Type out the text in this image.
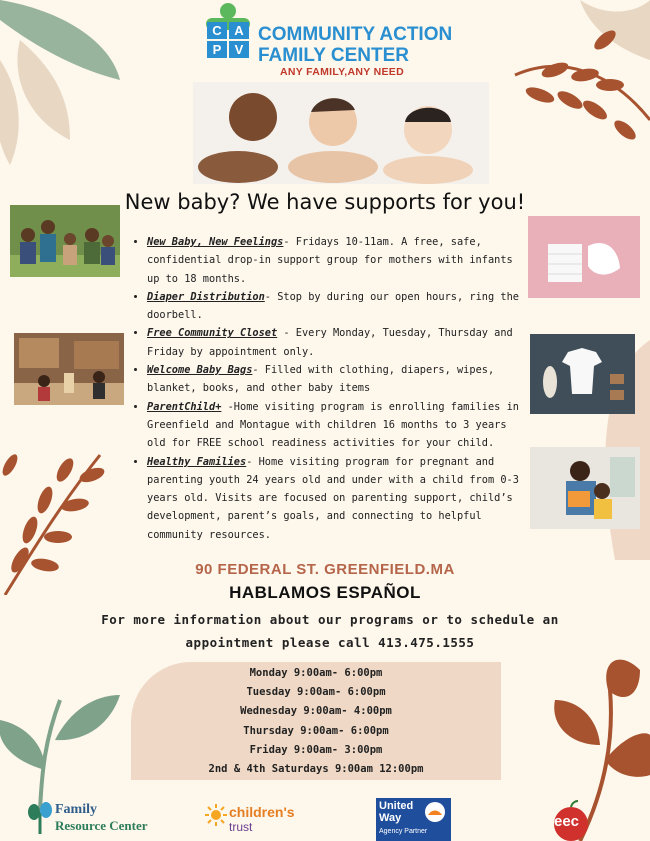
C A
P V
COMMUNITY ACTION
FAMILY CENTER
ANY FAMILY,ANY NEED
New baby? We have supports for you!
• New Baby, New Feelings- Fridays 10-11am. A free, safe, confidential drop-in support group for mothers with infants up to 18 months.
• Diaper Distribution- Stop by during our open hours, ring the doorbell.
• Free Community Closet - Every Monday, Tuesday, Thursday and Friday by appointment only.
• Welcome Baby Bags- Filled with clothing, diapers, wipes, blanket, books, and other baby items
• ParentChild+ -Home visiting program is enrolling families in Greenfield and Montague with children 16 months to 3 years old for FREE school readiness activities for your child.
• Healthy Families- Home visiting program for pregnant and parenting youth 24 years old and under with a child from 0-3 years old. Visits are focused on parenting support, child’s development, parent’s goals, and connecting to helpful community resources.
90 FEDERAL ST. GREENFIELD.MA
HABLAMOS ESPAÑOL
For more information about our programs or to schedule an
appointment please call 413.475.1555
Monday 9:00am- 6:00pm
Tuesday 9:00am- 6:00pm
Wednesday 9:00am- 4:00pm
Thursday 9:00am- 6:00pm
Friday 9:00am- 3:00pm
2nd & 4th Saturdays 9:00am 12:00pm
Family
Resource Center
children's
trust
United
Way
Agency Partner
eec
